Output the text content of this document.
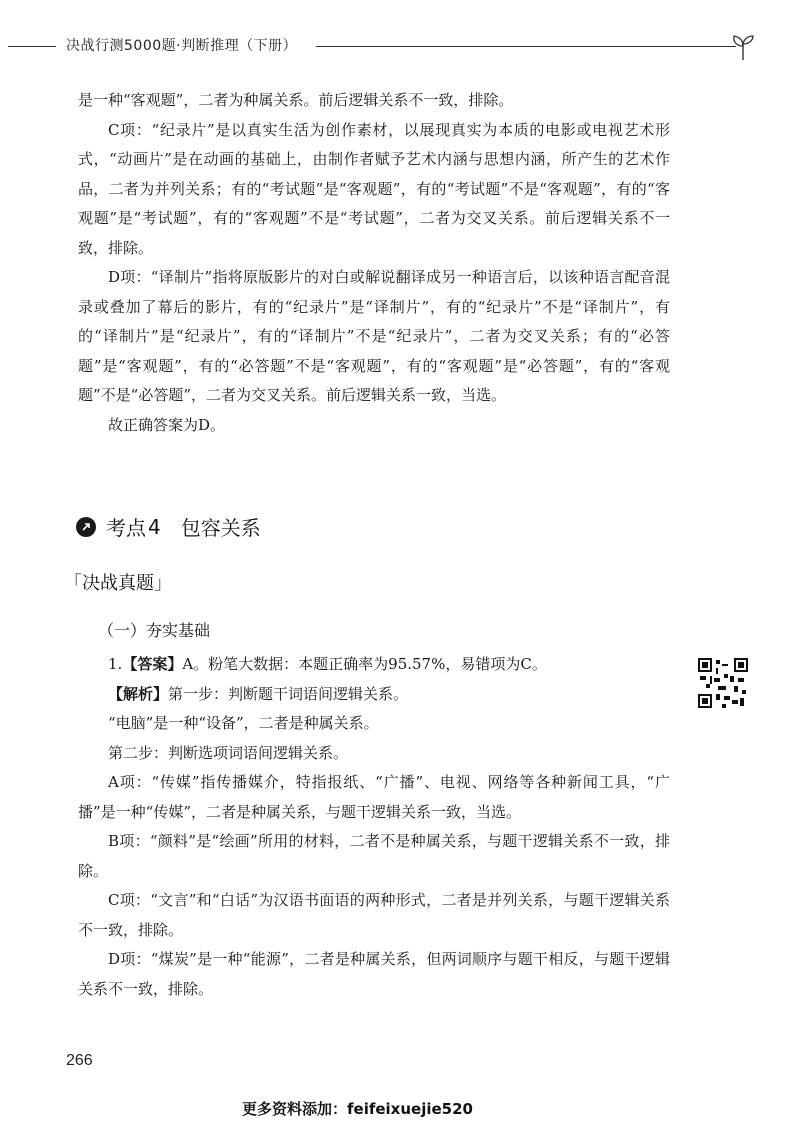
决战行测5000题·判断推理（下册）

是一种“客观题”，二者为种属关系。前后逻辑关系不一致，排除。

C项：“纪录片”是以真实生活为创作素材，以展现真实为本质的电影或电视艺术形式，“动画片”是在动画的基础上，由制作者赋予艺术内涵与思想内涵，所产生的艺术作品，二者为并列关系；有的“考试题”是“客观题”，有的“考试题”不是“客观题”，有的“客观题”是“考试题”，有的“客观题”不是“考试题”，二者为交叉关系。前后逻辑关系不一致，排除。

D项：“译制片”指将原版影片的对白或解说翻译成另一种语言后，以该种语言配音混录或叠加了幕后的影片，有的“纪录片”是“译制片”，有的“纪录片”不是“译制片”，有的“译制片”是“纪录片”，有的“译制片”不是“纪录片”，二者为交叉关系；有的“必答题”是“客观题”，有的“必答题”不是“客观题”，有的“客观题”是“必答题”，有的“客观题”不是“必答题”，二者为交叉关系。前后逻辑关系一致，当选。

故正确答案为D。

考点 4 包容关系
「决战真题」
（一）夯实基础

1.【答案】A。粉笔大数据：本题正确率为95.57%，易错项为C。

【解析】第一步：判断题干词语间逻辑关系。

“电脑”是一种“设备”，二者是种属关系。

第二步：判断选项词语间逻辑关系。

A项：“传媒”指传播媒介，特指报纸、“广播”、电视、网络等各种新闻工具，“广播”是一种“传媒”，二者是种属关系，与题干逻辑关系一致，当选。

B项：“颜料”是“绘画”所用的材料，二者不是种属关系，与题干逻辑关系不一致，排除。

C项：“文言”和“白话”为汉语书面语的两种形式，二者是并列关系，与题干逻辑关系不一致，排除。

D项：“煤炭”是一种“能源”，二者是种属关系，但两词顺序与题干相反，与题干逻辑关系不一致，排除。

266
更多资料添加：feifeixuejie520
